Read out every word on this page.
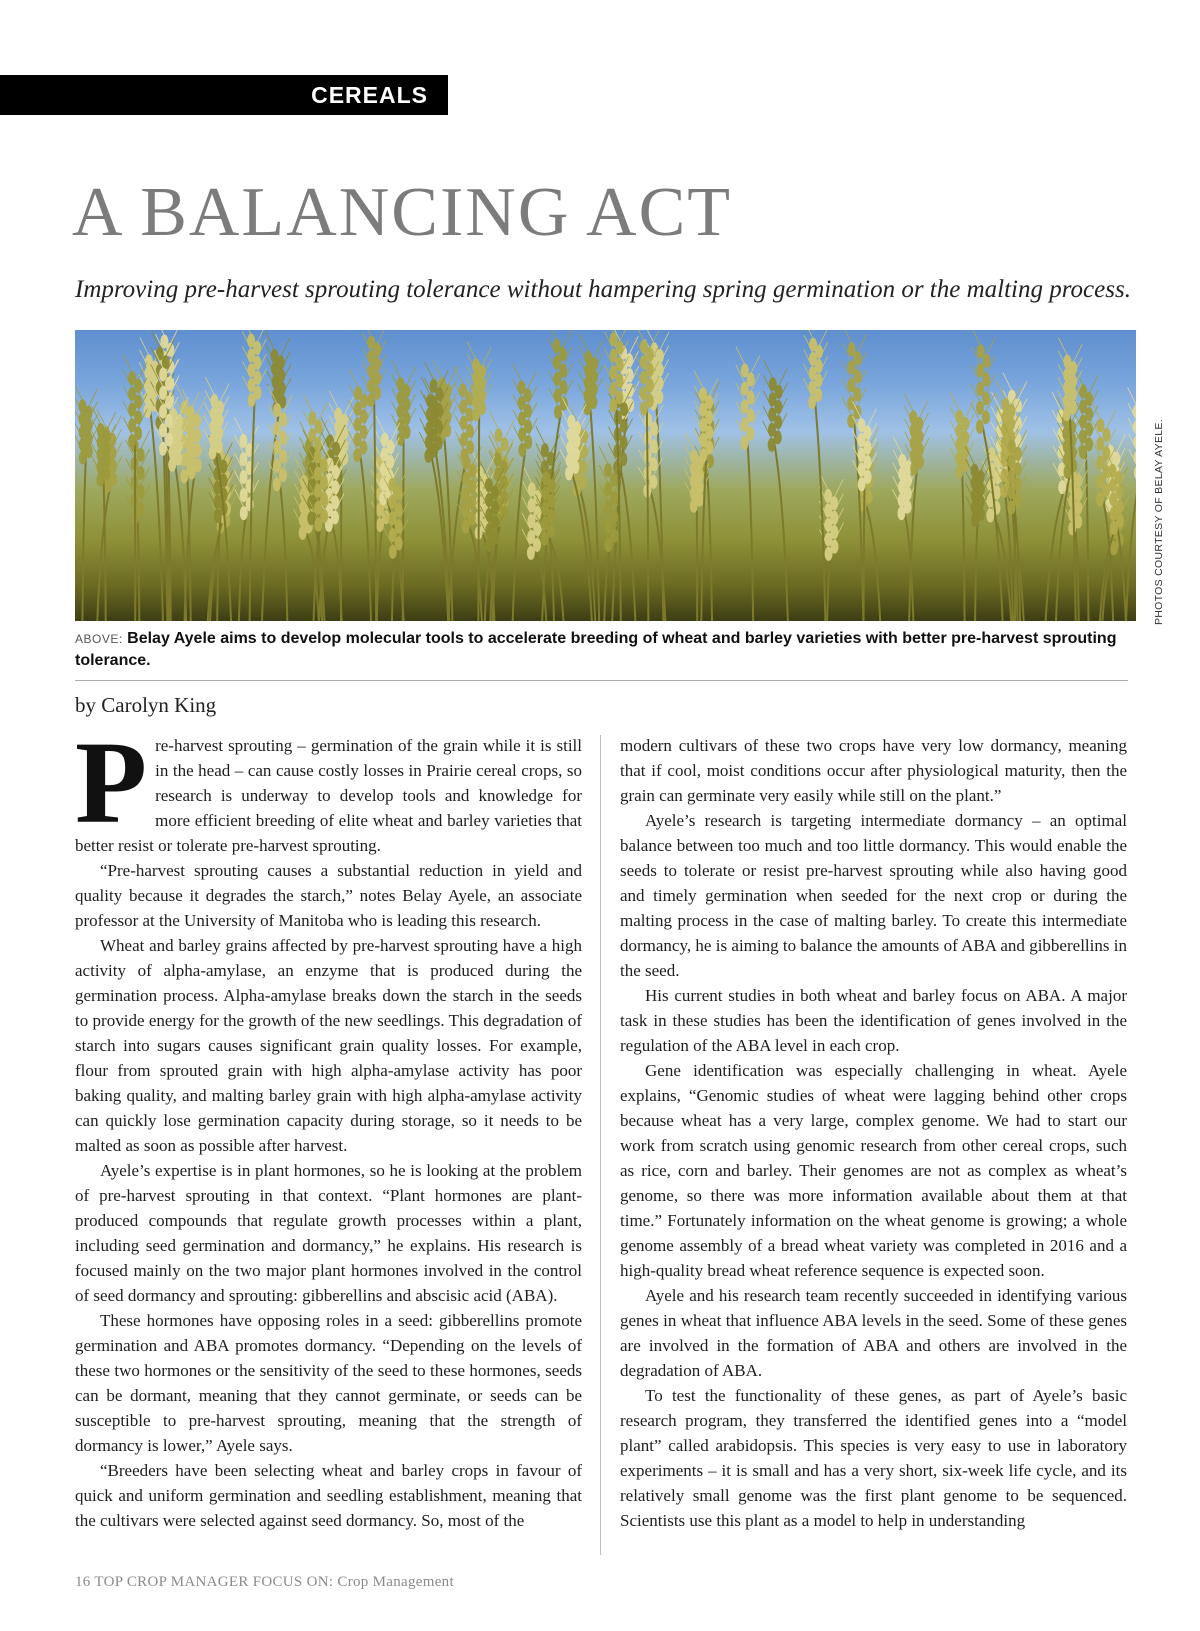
CEREALS
A BALANCING ACT

Improving pre-harvest sprouting tolerance without hampering spring germination or the malting process.

PHOTOS COURTESY OF BELAY AYELE.
ABOVE: Belay Ayele aims to develop molecular tools to accelerate breeding of wheat and barley varieties with better pre-harvest sprouting tolerance.
by Carolyn King

Pre-harvest sprouting – germination of the grain while it is still in the head – can cause costly losses in Prairie cereal crops, so research is underway to develop tools and knowledge for more efficient breeding of elite wheat and barley varieties that better resist or tolerate pre-harvest sprouting.

“Pre-harvest sprouting causes a substantial reduction in yield and quality because it degrades the starch,” notes Belay Ayele, an associate professor at the University of Manitoba who is leading this research.

Wheat and barley grains affected by pre-harvest sprouting have a high activity of alpha-amylase, an enzyme that is produced during the germination process. Alpha-amylase breaks down the starch in the seeds to provide energy for the growth of the new seedlings. This degradation of starch into sugars causes significant grain quality losses. For example, flour from sprouted grain with high alpha-amylase activity has poor baking quality, and malting barley grain with high alpha-amylase activity can quickly lose germination capacity during storage, so it needs to be malted as soon as possible after harvest.

Ayele’s expertise is in plant hormones, so he is looking at the problem of pre-harvest sprouting in that context. “Plant hormones are plant-produced compounds that regulate growth processes within a plant, including seed germination and dormancy,” he explains. His research is focused mainly on the two major plant hormones involved in the control of seed dormancy and sprouting: gibberellins and abscisic acid (ABA).

These hormones have opposing roles in a seed: gibberellins promote germination and ABA promotes dormancy. “Depending on the levels of these two hormones or the sensitivity of the seed to these hormones, seeds can be dormant, meaning that they cannot germinate, or seeds can be susceptible to pre-harvest sprouting, meaning that the strength of dormancy is lower,” Ayele says.

“Breeders have been selecting wheat and barley crops in favour of quick and uniform germination and seedling establishment, meaning that the cultivars were selected against seed dormancy. So, most of the

modern cultivars of these two crops have very low dormancy, meaning that if cool, moist conditions occur after physiological maturity, then the grain can germinate very easily while still on the plant.”

Ayele’s research is targeting intermediate dormancy – an optimal balance between too much and too little dormancy. This would enable the seeds to tolerate or resist pre-harvest sprouting while also having good and timely germination when seeded for the next crop or during the malting process in the case of malting barley. To create this intermediate dormancy, he is aiming to balance the amounts of ABA and gibberellins in the seed.

His current studies in both wheat and barley focus on ABA. A major task in these studies has been the identification of genes involved in the regulation of the ABA level in each crop.

Gene identification was especially challenging in wheat. Ayele explains, “Genomic studies of wheat were lagging behind other crops because wheat has a very large, complex genome. We had to start our work from scratch using genomic research from other cereal crops, such as rice, corn and barley. Their genomes are not as complex as wheat’s genome, so there was more information available about them at that time.” Fortunately information on the wheat genome is growing; a whole genome assembly of a bread wheat variety was completed in 2016 and a high-quality bread wheat reference sequence is expected soon.

Ayele and his research team recently succeeded in identifying various genes in wheat that influence ABA levels in the seed. Some of these genes are involved in the formation of ABA and others are involved in the degradation of ABA.

To test the functionality of these genes, as part of Ayele’s basic research program, they transferred the identified genes into a “model plant” called arabidopsis. This species is very easy to use in laboratory experiments – it is small and has a very short, six-week life cycle, and its relatively small genome was the first plant genome to be sequenced. Scientists use this plant as a model to help in understanding

16 TOP CROP MANAGER FOCUS ON: Crop Management
